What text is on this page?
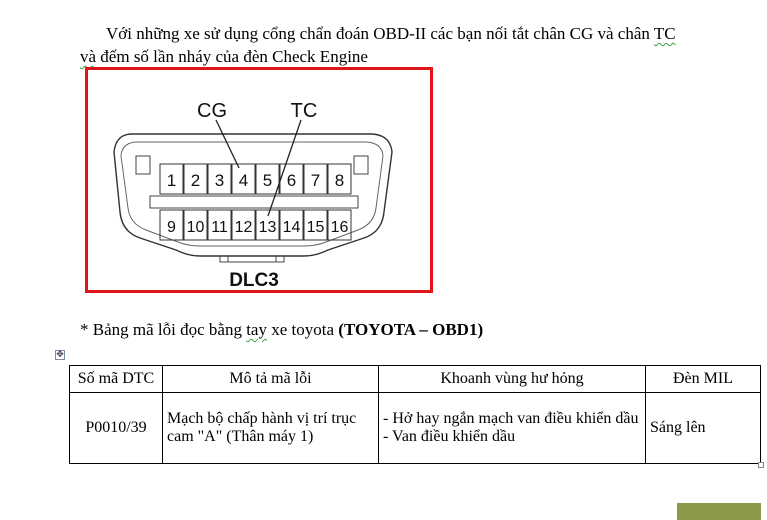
Với những xe sử dụng cổng chẩn đoán OBD-II các bạn nối tắt chân CG và chân TC
và đếm số lần nháy của đèn Check Engine
1 2 3 4 5 6 7 8
9 10 11 12 13 14 15 16
CG	TC
DLC3
* Bảng mã lỗi đọc bằng tay xe toyota (TOYOTA – OBD1)
✥
Số mã DTC	Mô tả mã lỗi	Khoanh vùng hư hỏng	Đèn MIL
P0010/39	Mạch bộ chấp hành vị trí trục cam "A" (Thân máy 1)	- Hở hay ngắn mạch van điều khiển dầu
- Van điều khiển dầu	Sáng lên
